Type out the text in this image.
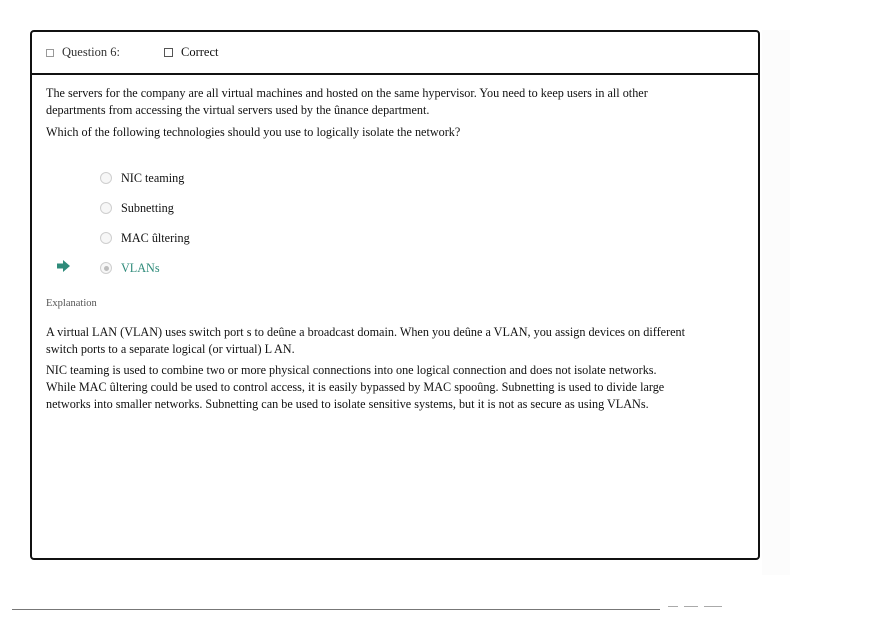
Question 6:	Correct

The servers for the company are all virtual machines and hosted on the same hypervisor. You need to keep users in all other departments from accessing the virtual servers used by the ûnance department.

Which of the following technologies should you use to logically isolate the network?

NIC teaming
Subnetting
MAC ûltering
VLANs
Explanation

A virtual LAN (VLAN) uses switch port s to deûne a broadcast domain. When you deûne a VLAN, you assign devices on different switch ports to a separate logical (or virtual) L AN.

NIC teaming is used to combine two or more physical connections into one logical connection and does not isolate networks. While MAC ûltering could be used to control access, it is easily bypassed by MAC spooûng. Subnetting is used to divide large networks into smaller networks. Subnetting can be used to isolate sensitive systems, but it is not as secure as using VLANs.
